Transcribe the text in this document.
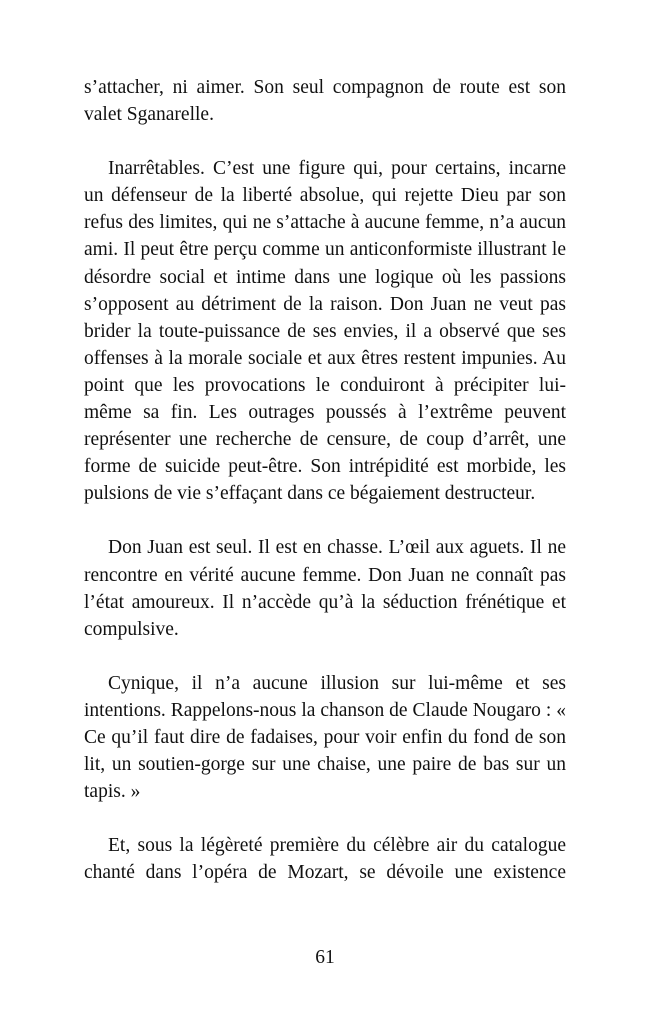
s’attacher, ni aimer. Son seul compagnon de route est son valet Sganarelle.

Inarrêtables. C’est une figure qui, pour certains, incarne un défenseur de la liberté absolue, qui rejette Dieu par son refus des limites, qui ne s’attache à aucune femme, n’a aucun ami. Il peut être perçu comme un anticonformiste illustrant le désordre social et intime dans une logique où les passions s’opposent au détriment de la raison. Don Juan ne veut pas brider la toute-puissance de ses envies, il a observé que ses offenses à la morale sociale et aux êtres restent impunies. Au point que les provocations le conduiront à précipiter lui-même sa fin. Les outrages poussés à l’extrême peuvent représenter une recherche de censure, de coup d’arrêt, une forme de suicide peut-être. Son intrépidité est morbide, les pulsions de vie s’effaçant dans ce bégaiement destructeur.

Don Juan est seul. Il est en chasse. L’œil aux aguets. Il ne rencontre en vérité aucune femme. Don Juan ne connaît pas l’état amoureux. Il n’accède qu’à la séduction frénétique et compulsive.

Cynique, il n’a aucune illusion sur lui-même et ses intentions. Rappelons-nous la chanson de Claude Nougaro : « Ce qu’il faut dire de fadaises, pour voir enfin du fond de son lit, un soutien-gorge sur une chaise, une paire de bas sur un tapis. »

Et, sous la légèreté première du célèbre air du catalogue chanté dans l’opéra de Mozart, se dévoile une existence

61
